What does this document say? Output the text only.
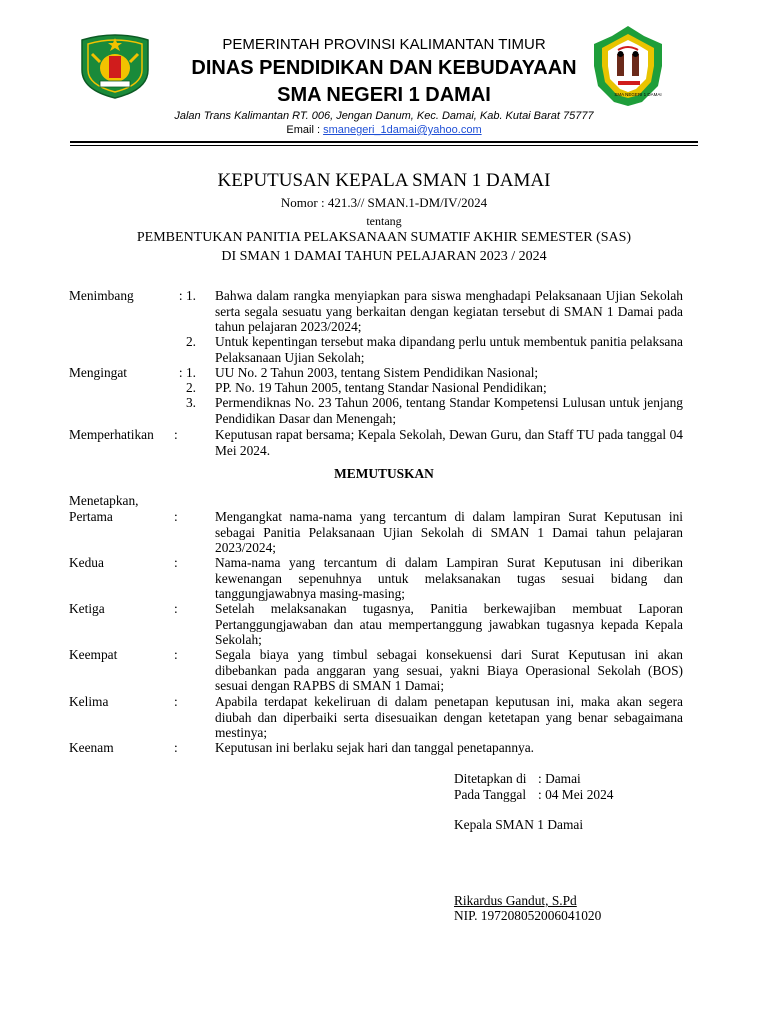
SMA NEGERI 1 DAMAI
PEMERINTAH PROVINSI KALIMANTAN TIMUR
DINAS PENDIDIKAN DAN KEBUDAYAAN
SMA NEGERI 1 DAMAI
Jalan Trans Kalimantan RT. 006, Jengan Danum, Kec. Damai, Kab. Kutai Barat 75777
Email : smanegeri_1damai@yahoo.com
KEPUTUSAN KEPALA SMAN 1 DAMAI
Nomor : 421.3// SMAN.1-DM/IV/2024
tentang
PEMBENTUKAN PANITIA PELAKSANAAN SUMATIF AKHIR SEMESTER (SAS)
DI SMAN 1 DAMAI TAHUN PELAJARAN 2023 / 2024
Menimbang	: 1. Bahwa dalam rangka menyiapkan para siswa menghadapi Pelaksanaan Ujian Sekolah serta segala sesuatu yang berkaitan dengan kegiatan tersebut di SMAN 1 Damai pada tahun pelajaran 2023/2024;
2. Untuk kepentingan tersebut maka dipandang perlu untuk membentuk panitia pelaksana Pelaksanaan Ujian Sekolah;
Mengingat	: 1. UU No. 2 Tahun 2003, tentang Sistem Pendidikan Nasional;
2. PP. No. 19 Tahun 2005, tentang Standar Nasional Pendidikan;
3. Permendiknas No. 23 Tahun 2006, tentang Standar Kompetensi Lulusan untuk jenjang Pendidikan Dasar dan Menengah;
Memperhatikan :	Keputusan rapat bersama; Kepala Sekolah, Dewan Guru, dan Staff TU pada tanggal 04 Mei 2024.
MEMUTUSKAN
Menetapkan,
Pertama	:	Mengangkat nama-nama yang tercantum di dalam lampiran Surat Keputusan ini sebagai Panitia Pelaksanaan Ujian Sekolah di SMAN 1 Damai tahun pelajaran 2023/2024;
Kedua	:	Nama-nama yang tercantum di dalam Lampiran Surat Keputusan ini diberikan kewenangan sepenuhnya untuk melaksanakan tugas sesuai bidang dan tanggungjawabnya masing-masing;
Ketiga	:	Setelah melaksanakan tugasnya, Panitia berkewajiban membuat Laporan Pertanggungjawaban dan atau mempertanggung jawabkan tugasnya kepada Kepala Sekolah;
Keempat	:	Segala biaya yang timbul sebagai konsekuensi dari Surat Keputusan ini akan dibebankan pada anggaran yang sesuai, yakni Biaya Operasional Sekolah (BOS) sesuai dengan RAPBS di SMAN 1 Damai;
Kelima	:	Apabila terdapat kekeliruan di dalam penetapan keputusan ini, maka akan segera diubah dan diperbaiki serta disesuaikan dengan ketetapan yang benar sebagaimana mestinya;
Keenam	:	Keputusan ini berlaku sejak hari dan tanggal penetapannya.
Ditetapkan di : Damai
Pada Tanggal : 04 Mei 2024
Kepala SMAN 1 Damai
Rikardus Gandut, S.Pd
NIP. 197208052006041020
